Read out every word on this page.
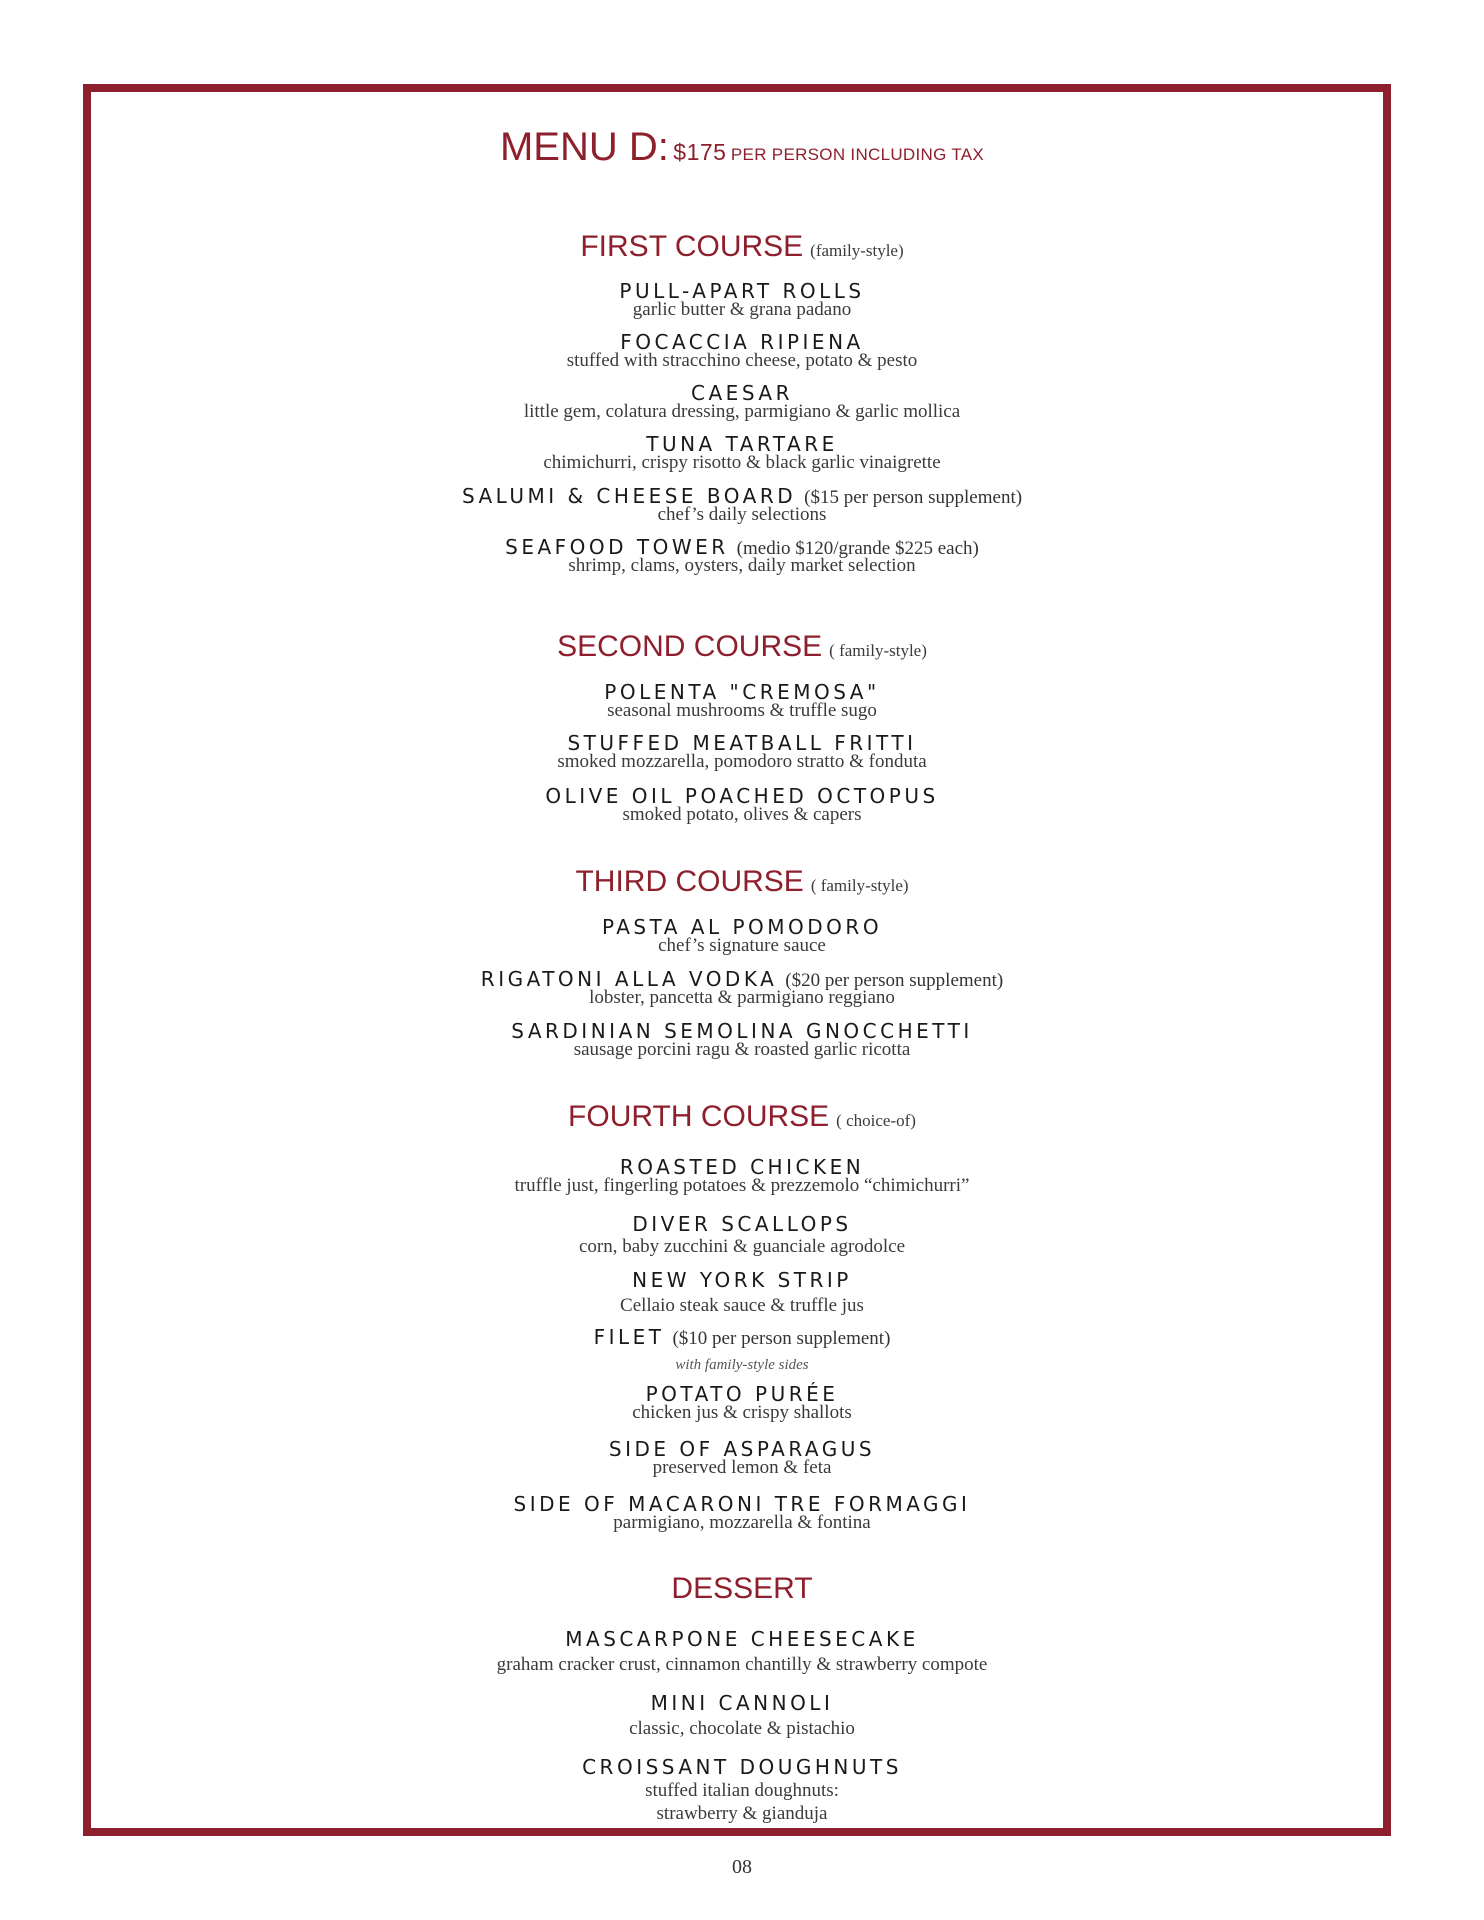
MENU D: $175 PER PERSON INCLUDING TAX
FIRST COURSE (family-style)
PULL-APART ROLLS
garlic butter & grana padano
FOCACCIA RIPIENA
stuffed with stracchino cheese, potato & pesto
CAESAR
little gem, colatura dressing, parmigiano & garlic mollica
TUNA TARTARE
chimichurri, crispy risotto & black garlic vinaigrette
SALUMI & CHEESE BOARD ($15 per person supplement)
chef’s daily selections
SEAFOOD TOWER (medio $120/grande $225 each)
shrimp, clams, oysters, daily market selection
SECOND COURSE ( family-style)
POLENTA "CREMOSA"
seasonal mushrooms & truffle sugo
STUFFED MEATBALL FRITTI
smoked mozzarella, pomodoro stratto & fonduta
OLIVE OIL POACHED OCTOPUS
smoked potato, olives & capers
THIRD COURSE ( family-style)
PASTA AL POMODORO
chef’s signature sauce
RIGATONI ALLA VODKA ($20 per person supplement)
lobster, pancetta & parmigiano reggiano
SARDINIAN SEMOLINA GNOCCHETTI
sausage porcini ragu & roasted garlic ricotta
FOURTH COURSE ( choice-of)
ROASTED CHICKEN
truffle just, fingerling potatoes & prezzemolo “chimichurri”
DIVER SCALLOPS
corn, baby zucchini & guanciale agrodolce
NEW YORK STRIP
Cellaio steak sauce & truffle jus
FILET ($10 per person supplement)
with family-style sides
POTATO PURÉE
chicken jus & crispy shallots
SIDE OF ASPARAGUS
preserved lemon & feta
SIDE OF MACARONI TRE FORMAGGI
parmigiano, mozzarella & fontina
DESSERT
MASCARPONE CHEESECAKE
graham cracker crust, cinnamon chantilly & strawberry compote
MINI CANNOLI
classic, chocolate & pistachio
CROISSANT DOUGHNUTS
stuffed italian doughnuts:
strawberry & gianduja
08
